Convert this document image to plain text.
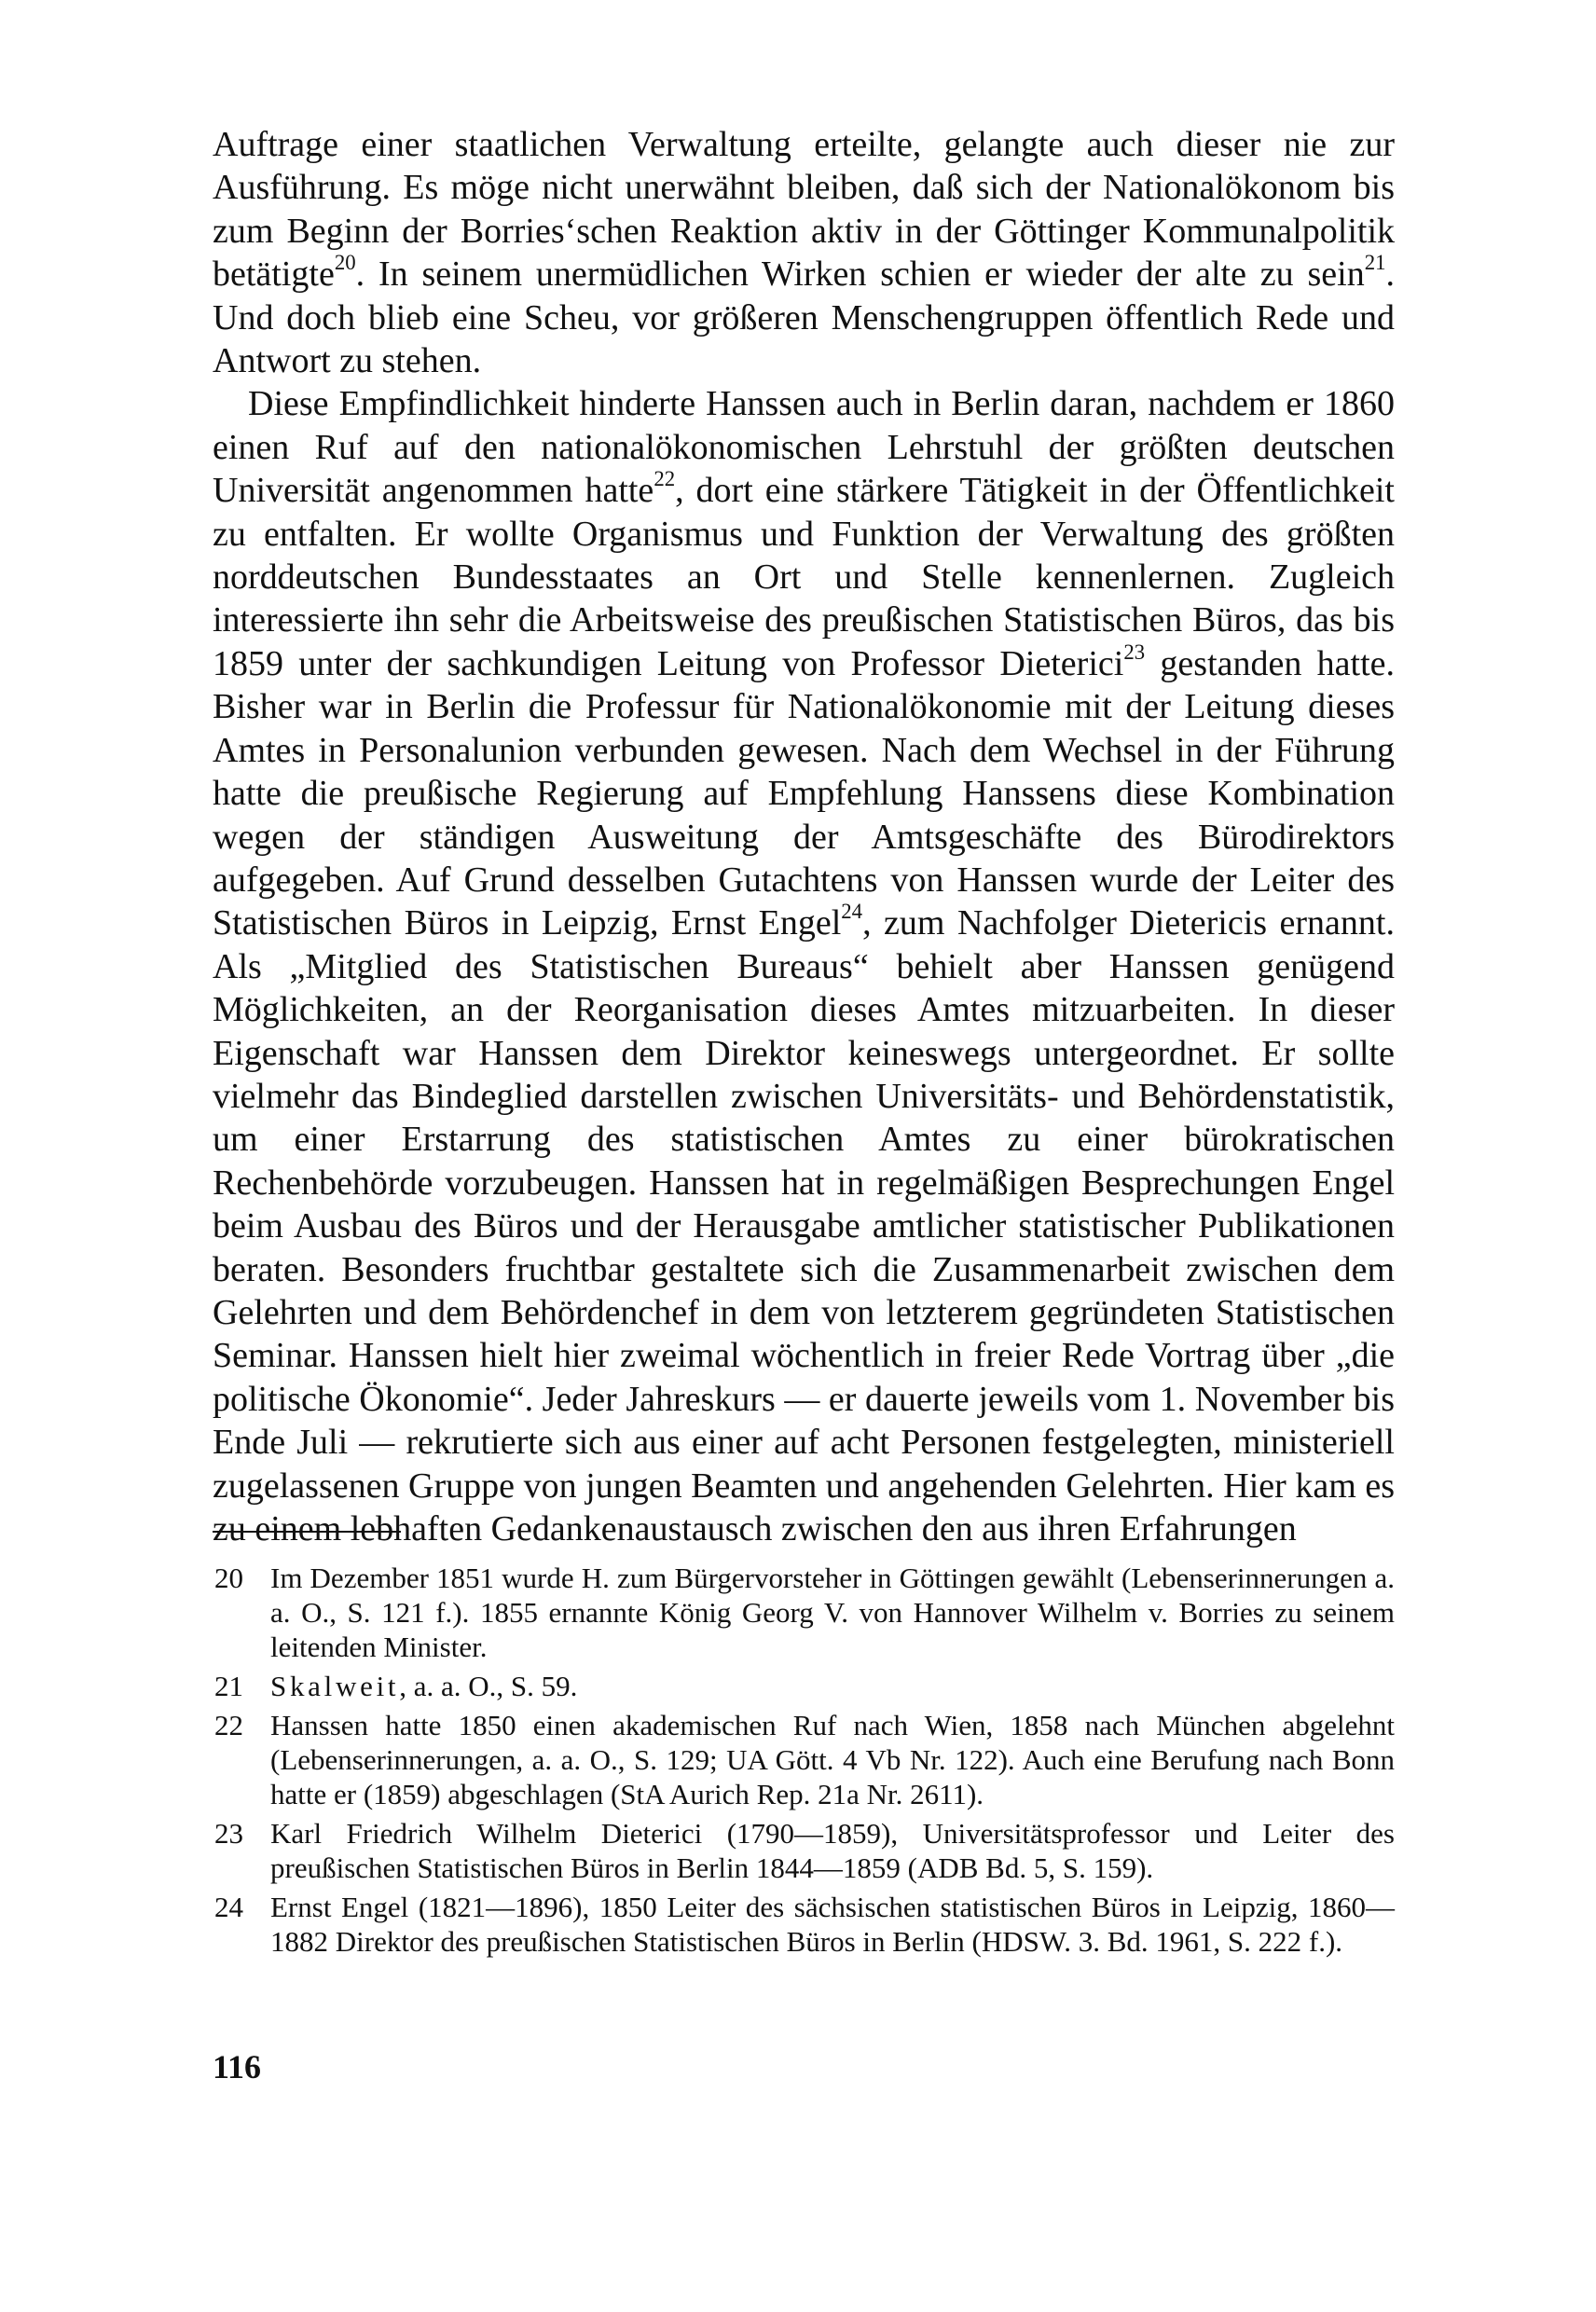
Auftrage einer staatlichen Verwaltung erteilte, gelangte auch dieser nie zur Ausführung. Es möge nicht unerwähnt bleiben, daß sich der Nationalökonom bis zum Beginn der Borries‘schen Reaktion aktiv in der Göttinger Kommunalpolitik betätigte$^{20}$. In seinem unermüdlichen Wirken schien er wieder der alte zu sein$^{21}$. Und doch blieb eine Scheu, vor größeren Menschengruppen öffentlich Rede und Antwort zu stehen.

Diese Empfindlichkeit hinderte Hanssen auch in Berlin daran, nachdem er 1860 einen Ruf auf den nationalökonomischen Lehrstuhl der größten deutschen Universität angenommen hatte$^{22}$, dort eine stärkere Tätigkeit in der Öffentlichkeit zu entfalten. Er wollte Organismus und Funktion der Verwaltung des größten norddeutschen Bundesstaates an Ort und Stelle kennenlernen. Zugleich interessierte ihn sehr die Arbeitsweise des preußischen Statistischen Büros, das bis 1859 unter der sachkundigen Leitung von Professor Dieterici$^{23}$ gestanden hatte. Bisher war in Berlin die Professur für Nationalökonomie mit der Leitung dieses Amtes in Personalunion verbunden gewesen. Nach dem Wechsel in der Führung hatte die preußische Regierung auf Empfehlung Hanssens diese Kombination wegen der ständigen Ausweitung der Amtsgeschäfte des Bürodirektors aufgegeben. Auf Grund desselben Gutachtens von Hanssen wurde der Leiter des Statistischen Büros in Leipzig, Ernst Engel$^{24}$, zum Nachfolger Dietericis ernannt. Als „Mitglied des Statistischen Bureaus“ behielt aber Hanssen genügend Möglichkeiten, an der Reorganisation dieses Amtes mitzuarbeiten. In dieser Eigenschaft war Hanssen dem Direktor keineswegs untergeordnet. Er sollte vielmehr das Bindeglied darstellen zwischen Universitäts- und Behördenstatistik, um einer Erstarrung des statistischen Amtes zu einer bürokratischen Rechenbehörde vorzubeugen. Hanssen hat in regelmäßigen Besprechungen Engel beim Ausbau des Büros und der Herausgabe amtlicher statistischer Publikationen beraten. Besonders fruchtbar gestaltete sich die Zusammenarbeit zwischen dem Gelehrten und dem Behördenchef in dem von letzterem gegründeten Statistischen Seminar. Hanssen hielt hier zweimal wöchentlich in freier Rede Vortrag über „die politische Ökonomie“. Jeder Jahreskurs — er dauerte jeweils vom 1. November bis Ende Juli — rekrutierte sich aus einer auf acht Personen festgelegten, ministeriell zugelassenen Gruppe von jungen Beamten und angehenden Gelehrten. Hier kam es zu einem lebhaften Gedankenaustausch zwischen den aus ihren Erfahrungen

20 Im Dezember 1851 wurde H. zum Bürgervorsteher in Göttingen gewählt (Lebenserinnerungen a. a. O., S. 121 f.). 1855 ernannte König Georg V. von Hannover Wilhelm v. Borries zu seinem leitenden Minister.
21 Skalweit, a. a. O., S. 59.
22 Hanssen hatte 1850 einen akademischen Ruf nach Wien, 1858 nach München abgelehnt (Lebenserinnerungen, a. a. O., S. 129; UA Gött. 4 Vb Nr. 122). Auch eine Berufung nach Bonn hatte er (1859) abgeschlagen (StA Aurich Rep. 21a Nr. 2611).
23 Karl Friedrich Wilhelm Dieterici (1790—1859), Universitätsprofessor und Leiter des preußischen Statistischen Büros in Berlin 1844—1859 (ADB Bd. 5, S. 159).
24 Ernst Engel (1821—1896), 1850 Leiter des sächsischen statistischen Büros in Leipzig, 1860—1882 Direktor des preußischen Statistischen Büros in Berlin (HDSW. 3. Bd. 1961, S. 222 f.).
116
